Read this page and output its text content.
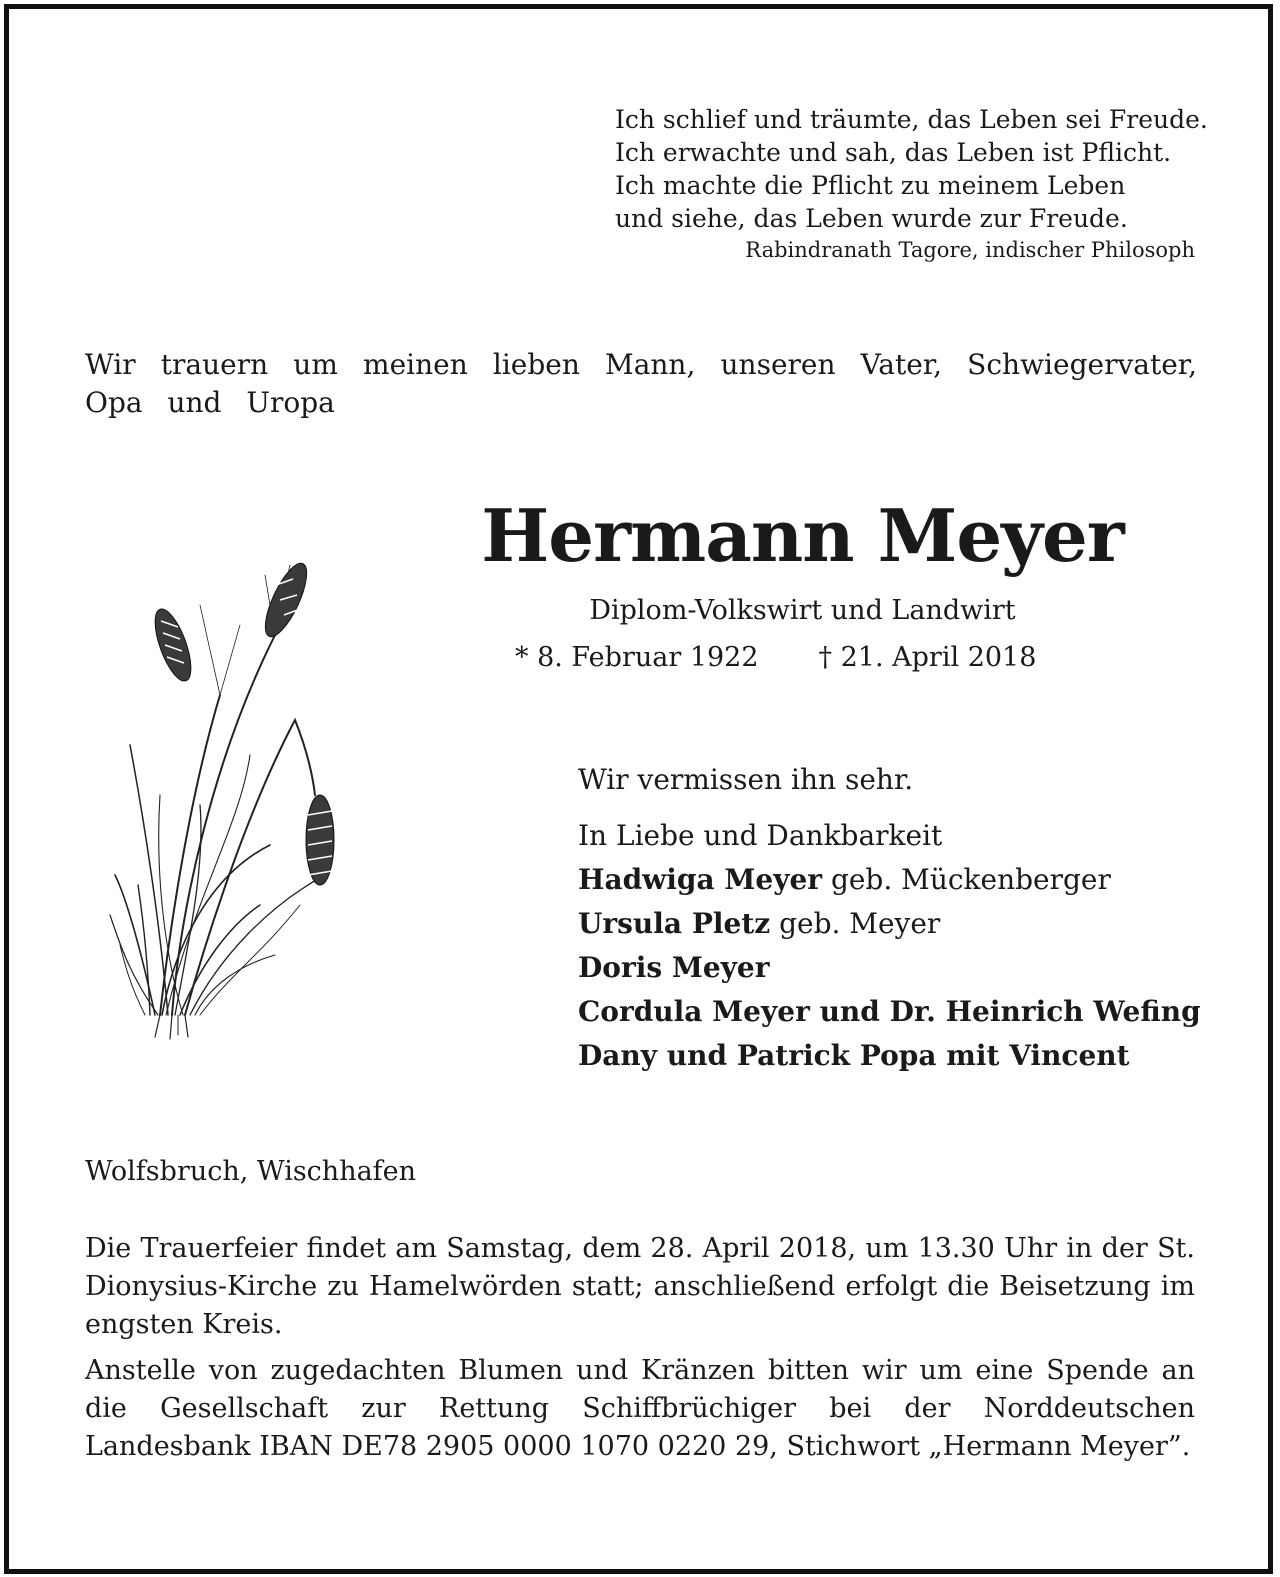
Ich schlief und träumte, das Leben sei Freude.
Ich erwachte und sah, das Leben ist Pflicht.
Ich machte die Pflicht zu meinem Leben
und siehe, das Leben wurde zur Freude.
Rabindranath Tagore, indischer Philosoph
Wir trauern um meinen lieben Mann, unseren Vater, Schwiegervater, Opa und Uropa
Hermann Meyer
Diplom-Volkswirt und Landwirt
* 8. Februar 1922 † 21. April 2018
Wir vermissen ihn sehr.
In Liebe und Dankbarkeit
Hadwiga Meyer geb. Mückenberger
Ursula Pletz geb. Meyer
Doris Meyer
Cordula Meyer und Dr. Heinrich Wefing
Dany und Patrick Popa mit Vincent
Wolfsbruch, Wischhafen
Die Trauerfeier findet am Samstag, dem 28. April 2018, um 13.30 Uhr in der St. Dionysius-Kirche zu Hamelwörden statt; anschließend erfolgt die Beisetzung im engsten Kreis.
Anstelle von zugedachten Blumen und Kränzen bitten wir um eine Spende an die Gesellschaft zur Rettung Schiffbrüchiger bei der Norddeutschen Landesbank IBAN DE78 2905 0000 1070 0220 29, Stichwort „Hermann Meyer”.
